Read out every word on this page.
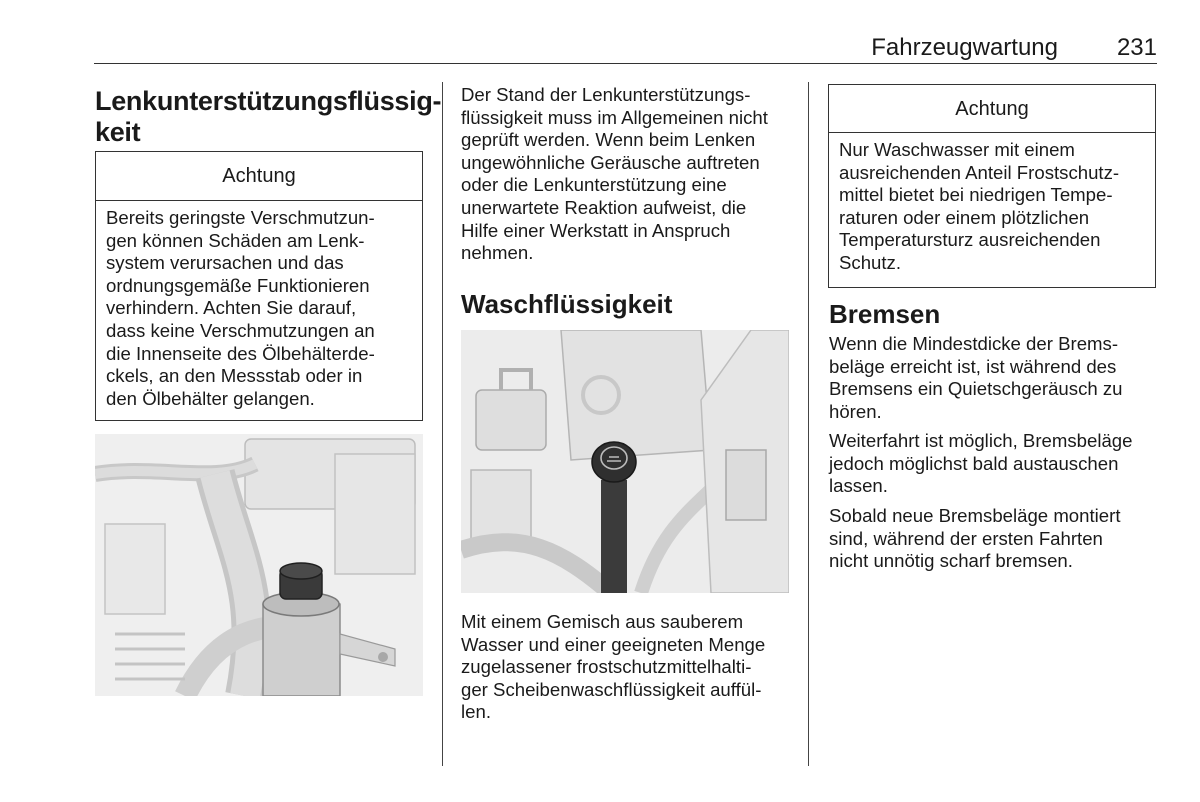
Fahrzeugwartung	231
Lenkunterstützungsflüssig‑
keit
Achtung
Bereits geringste Verschmutzun‑
gen können Schäden am Lenk‑
system verursachen und das
ordnungsgemäße Funktionieren
verhindern. Achten Sie darauf,
dass keine Verschmutzungen an
die Innenseite des Ölbehälterde‑
ckels, an den Messstab oder in
den Ölbehälter gelangen.
Der Stand der Lenkunterstützungs‑
flüssigkeit muss im Allgemeinen nicht
geprüft werden. Wenn beim Lenken
ungewöhnliche Geräusche auftreten
oder die Lenkunterstützung eine
unerwartete Reaktion aufweist, die
Hilfe einer Werkstatt in Anspruch
nehmen.
Waschflüssigkeit
Mit einem Gemisch aus sauberem
Wasser und einer geeigneten Menge
zugelassener frostschutzmittelhalti‑
ger Scheibenwaschflüssigkeit auffül‑
len.
Achtung
Nur Waschwasser mit einem
ausreichenden Anteil Frostschutz‑
mittel bietet bei niedrigen Tempe‑
raturen oder einem plötzlichen
Temperatursturz ausreichenden
Schutz.
Bremsen
Wenn die Mindestdicke der Brems‑
beläge erreicht ist, ist während des
Bremsens ein Quietschgeräusch zu
hören.
Weiterfahrt ist möglich, Bremsbeläge
jedoch möglichst bald austauschen
lassen.
Sobald neue Bremsbeläge montiert
sind, während der ersten Fahrten
nicht unnötig scharf bremsen.
